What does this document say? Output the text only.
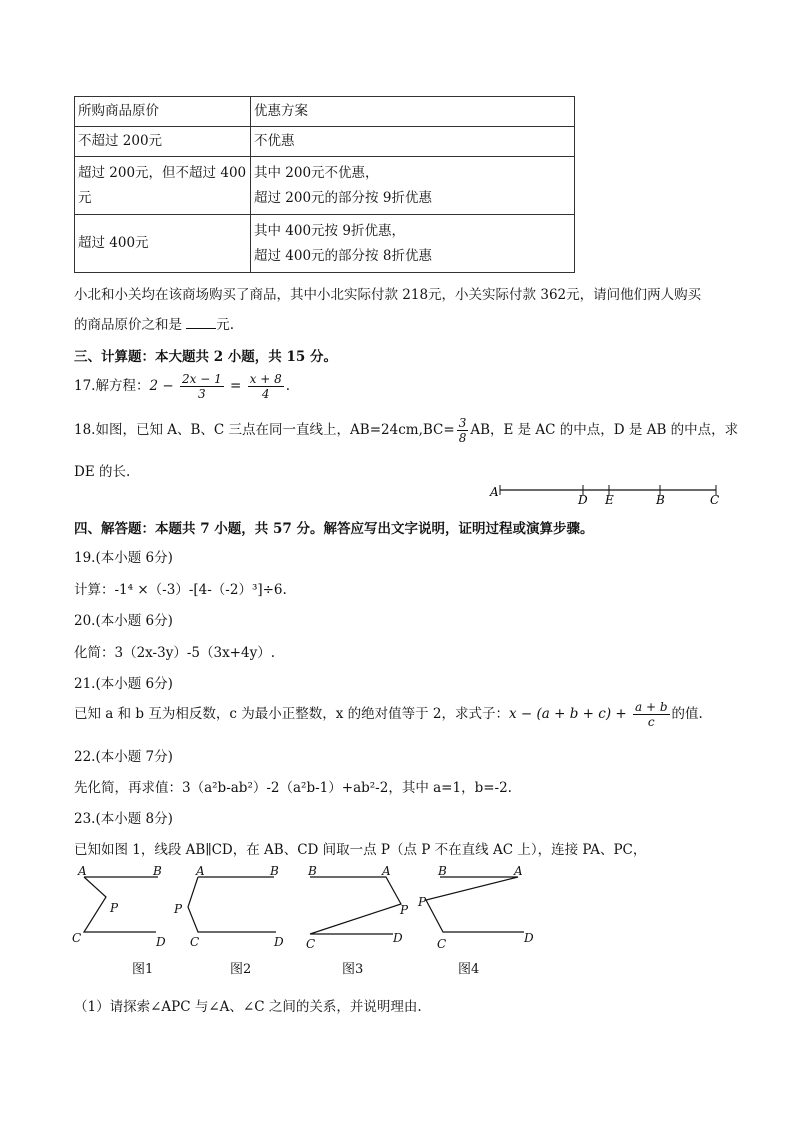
所购商品原价	优惠方案
不超过 200元	不优惠
超过 200元，但不超过 400元	其中 200元不优惠，
超过 200元的部分按 9折优惠

超过 400元	其中 400元按 9折优惠，
超过 400元的部分按 8折优惠
小北和小关均在该商场购买了商品，其中小北实际付款 218元，小关实际付款 362元，请问他们两人购买
的商品原价之和是	元.
三、计算题：本大题共 2 小题，共 15 分。
17.解方程：$2 - \frac{2x - 1}{3} = \frac{x + 8}{4}$ .
18.如图，已知 A、B、C 三点在同一直线上，$AB=24cm,BC= \frac{3}{8}$ AB，E 是 AC 的中点，D 是 AB 的中点，求
DE 的长.
A
D E	B	C
四、解答题：本题共 7 小题，共 57 分。解答应写出文字说明，证明过程或演算步骤。
19.(本小题 6分)
计算：-1⁴ ×（-3）-[4-（-2）³]÷6.
20.(本小题 6分)
化简：3（2x-3y）-5（3x+4y）.
21.(本小题 6分)
已知 a 和 b 互为相反数，c 为最小正整数，x 的绝对值等于 2，求式子：$x - (a + b + c) + \frac{a + b}{c}$ 的值.
22.(本小题 7分)
先化简，再求值：3（a²b-ab²）-2（a²b-1）+ab²-2，其中 a=1，b=-2.
23.(本小题 8分)
已知如图 1，线段 AB∥CD，在 AB、CD 间取一点 P（点 P 不在直线 AC 上），连接 PA、PC，
A	B
P
C	D
A	B
P
C	D
B	A
P
C	D
B	A
P
C	D
图1	图2	图3	图4
（1）请探索∠APC 与∠A、∠C 之间的关系，并说明理由.
